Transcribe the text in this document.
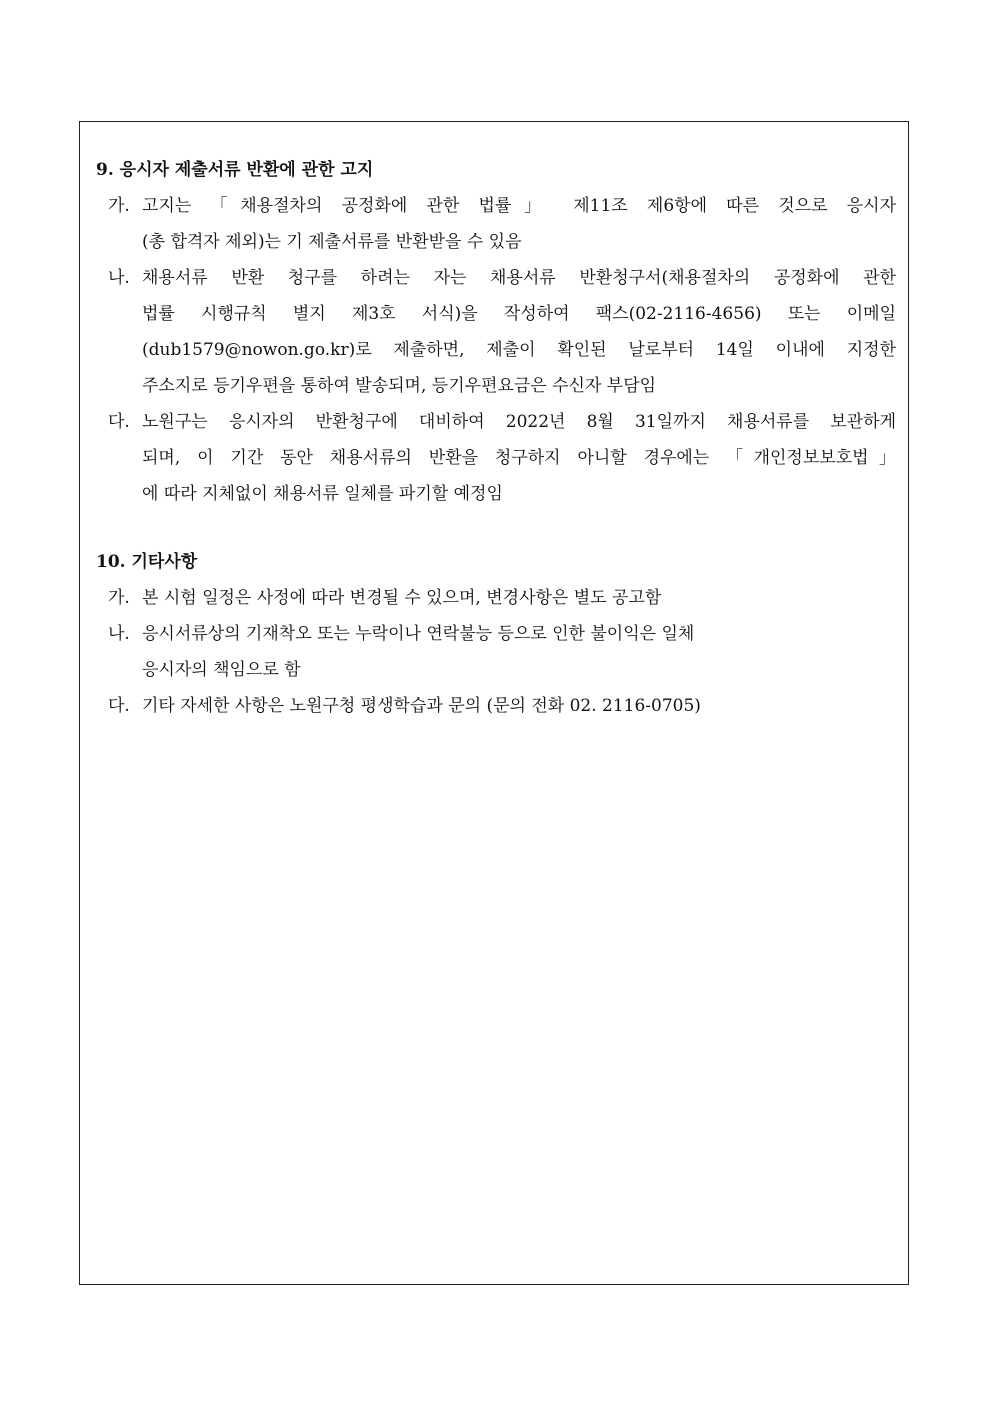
9. 응시자 제출서류 반환에 관한 고지

가. 고지는 「채용절차의 공정화에 관한 법률」 제11조 제6항에 따른 것으로 응시자
(총 합격자 제외)는 기 제출서류를 반환받을 수 있음
나. 채용서류 반환 청구를 하려는 자는 채용서류 반환청구서(채용절차의 공정화에 관한
법률 시행규칙 별지 제3호 서식)을 작성하여 팩스(02-2116-4656) 또는 이메일
(dub1579@nowon.go.kr)로 제출하면, 제출이 확인된 날로부터 14일 이내에 지정한
주소지로 등기우편을 통하여 발송되며, 등기우편요금은 수신자 부담임
다. 노원구는 응시자의 반환청구에 대비하여 2022년 8월 31일까지 채용서류를 보관하게
되며, 이 기간 동안 채용서류의 반환을 청구하지 아니할 경우에는 「개인정보보호법」
에 따라 지체없이 채용서류 일체를 파기할 예정임

10. 기타사항

가. 본 시험 일정은 사정에 따라 변경될 수 있으며, 변경사항은 별도 공고함
나. 응시서류상의 기재착오 또는 누락이나 연락불능 등으로 인한 불이익은 일체
응시자의 책임으로 함
다. 기타 자세한 사항은 노원구청 평생학습과 문의 (문의 전화 02. 2116-0705)
